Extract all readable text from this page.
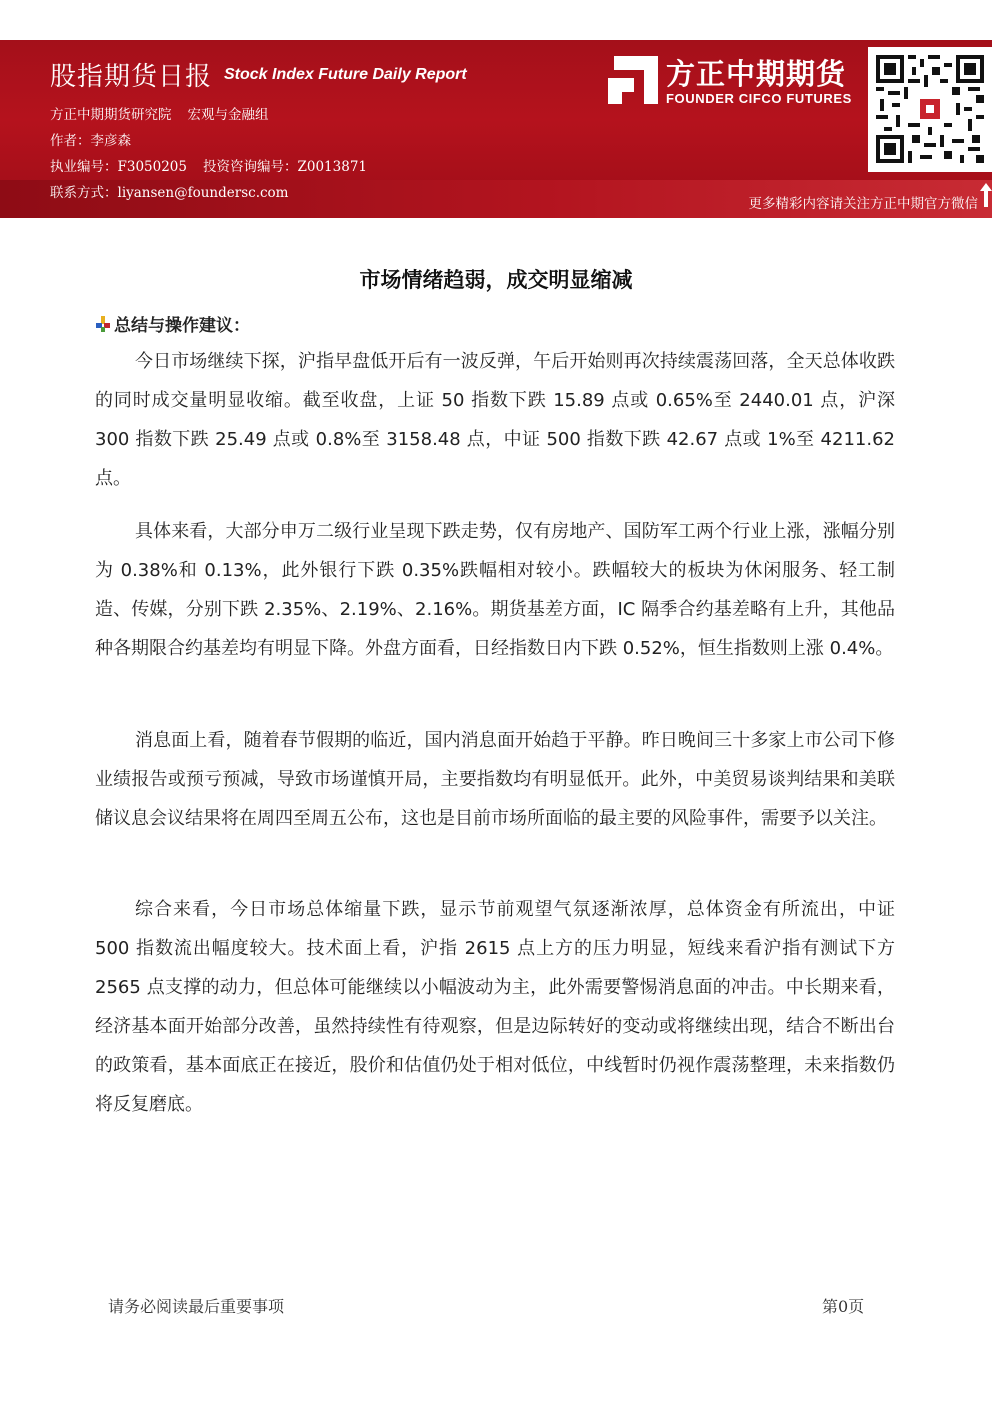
股指期货日报 Stock Index Future Daily Report
方正中期期货研究院 宏观与金融组
作者：李彦森
执业编号：F3050205 投资咨询编号：Z0013871
联系方式：liyansen@foundersc.com
方正中期期货
FOUNDER CIFCO FUTURES
更多精彩内容请关注方正中期官方微信
市场情绪趋弱，成交明显缩减
总结与操作建议：

今日市场继续下探，沪指早盘低开后有一波反弹，午后开始则再次持续震荡回落，全天总体收跌的同时成交量明显收缩。截至收盘，上证 50 指数下跌 15.89 点或 0.65%至 2440.01 点，沪深 300 指数下跌 25.49 点或 0.8%至 3158.48 点，中证 500 指数下跌 42.67 点或 1%至 4211.62 点。

具体来看，大部分申万二级行业呈现下跌走势，仅有房地产、国防军工两个行业上涨，涨幅分别为 0.38%和 0.13%，此外银行下跌 0.35%跌幅相对较小。跌幅较大的板块为休闲服务、轻工制造、传媒，分别下跌 2.35%、2.19%、2.16%。期货基差方面，IC 隔季合约基差略有上升，其他品种各期限合约基差均有明显下降。外盘方面看，日经指数日内下跌 0.52%，恒生指数则上涨 0.4%。

消息面上看，随着春节假期的临近，国内消息面开始趋于平静。昨日晚间三十多家上市公司下修业绩报告或预亏预减，导致市场谨慎开局，主要指数均有明显低开。此外，中美贸易谈判结果和美联储议息会议结果将在周四至周五公布，这也是目前市场所面临的最主要的风险事件，需要予以关注。

综合来看，今日市场总体缩量下跌，显示节前观望气氛逐渐浓厚，总体资金有所流出，中证 500 指数流出幅度较大。技术面上看，沪指 2615 点上方的压力明显，短线来看沪指有测试下方 2565 点支撑的动力，但总体可能继续以小幅波动为主，此外需要警惕消息面的冲击。中长期来看，经济基本面开始部分改善，虽然持续性有待观察，但是边际转好的变动或将继续出现，结合不断出台的政策看，基本面底正在接近，股价和估值仍处于相对低位，中线暂时仍视作震荡整理，未来指数仍将反复磨底。

请务必阅读最后重要事项	第0页
